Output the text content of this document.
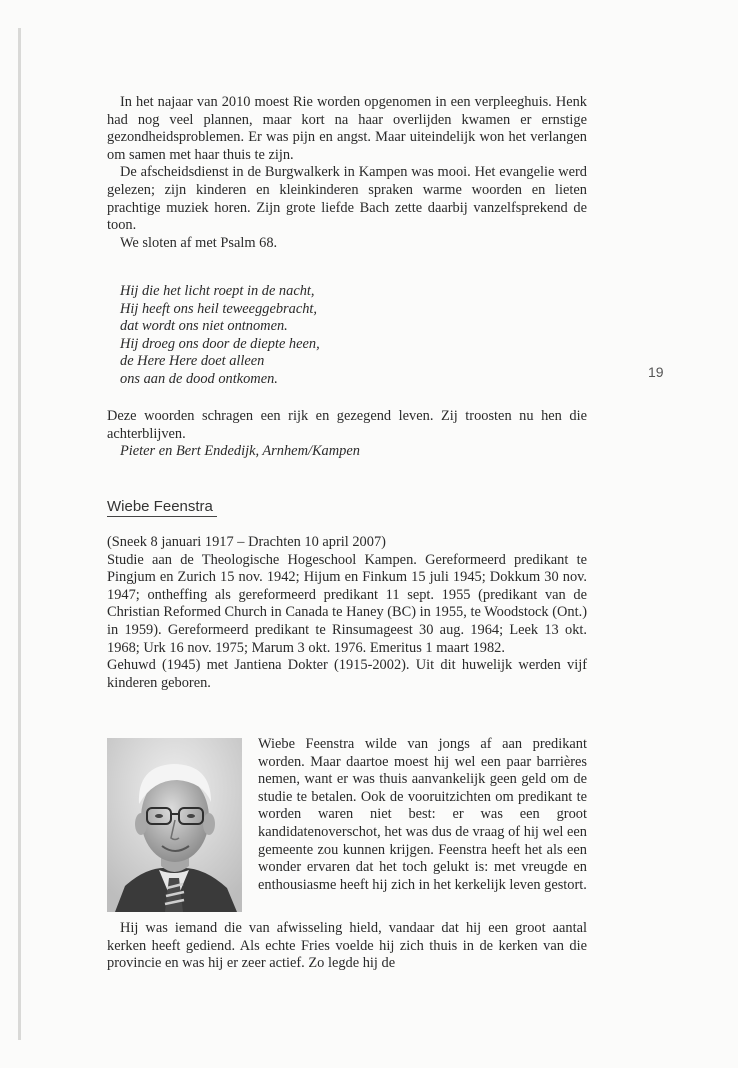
19

In het najaar van 2010 moest Rie worden opgenomen in een verpleeghuis. Henk had nog veel plannen, maar kort na haar overlijden kwamen er ernstige gezondheidsproblemen. Er was pijn en angst. Maar uiteindelijk won het verlangen om samen met haar thuis te zijn.

De afscheidsdienst in de Burgwalkerk in Kampen was mooi. Het evangelie werd gelezen; zijn kinderen en kleinkinderen spraken warme woorden en lieten prachtige muziek horen. Zijn grote liefde Bach zette daarbij vanzelfsprekend de toon.

We sloten af met Psalm 68.

Hij die het licht roept in de nacht,
Hij heeft ons heil teweeggebracht,
dat wordt ons niet ontnomen.
Hij droeg ons door de diepte heen,
de Here Here doet alleen
ons aan de dood ontkomen.

Deze woorden schragen een rijk en gezegend leven. Zij troosten nu hen die achterblijven.

Pieter en Bert Endedijk, Arnhem/Kampen

Wiebe Feenstra

(Sneek 8 januari 1917 – Drachten 10 april 2007)

Studie aan de Theologische Hogeschool Kampen. Gereformeerd predikant te Pingjum en Zurich 15 nov. 1942; Hijum en Finkum 15 juli 1945; Dokkum 30 nov. 1947; ontheffing als gereformeerd predikant 11 sept. 1955 (predikant van de Christian Reformed Church in Canada te Haney (BC) in 1955, te Woodstock (Ont.) in 1959). Gereformeerd predikant te Rinsumageest 30 aug. 1964; Leek 13 okt. 1968; Urk 16 nov. 1975; Marum 3 okt. 1976. Emeritus 1 maart 1982.

Gehuwd (1945) met Jantiena Dokter (1915-2002). Uit dit huwelijk werden vijf kinderen geboren.

Wiebe Feenstra wilde van jongs af aan predikant worden. Maar daartoe moest hij wel een paar barrières nemen, want er was thuis aanvankelijk geen geld om de studie te betalen. Ook de vooruitzichten om predikant te worden waren niet best: er was een groot kandidatenoverschot, het was dus de vraag of hij wel een gemeente zou kunnen krijgen. Feenstra heeft het als een wonder ervaren dat het toch gelukt is: met vreugde en enthousiasme heeft hij zich in het kerkelijk leven gestort.

Hij was iemand die van afwisseling hield, vandaar dat hij een groot aantal kerken heeft gediend. Als echte Fries voelde hij zich thuis in de kerken van die provincie en was hij er zeer actief. Zo legde hij de
